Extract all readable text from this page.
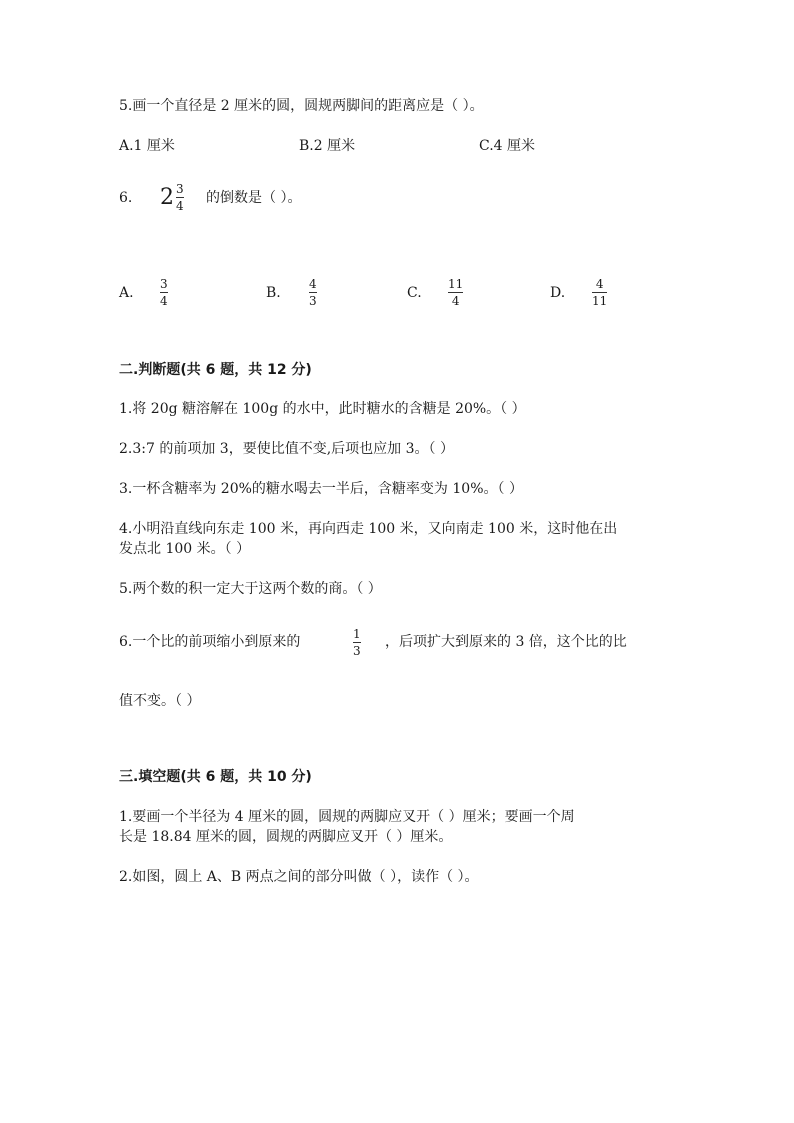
5.画一个直径是 2 厘米的圆，圆规两脚间的距离应是（ ）。
A.1 厘米	B.2 厘米	C.4 厘米
6. $2 \frac{3}{4}$ 的倒数是（ ）。
A.
3
4	B.
4
3	C.
11
4	D.
4
11
二.判断题(共 6 题，共 12 分)
1.将 20g 糖溶解在 100g 的水中，此时糖水的含糖是 20%。（ ）
2.3:7 的前项加 3，要使比值不变,后项也应加 3。（ ）
3.一杯含糖率为 20%的糖水喝去一半后，含糖率变为 10%。（ ）
4.小明沿直线向东走 100 米，再向西走 100 米，又向南走 100 米，这时他在出
发点北 100 米。（ ）
5.两个数的积一定大于这两个数的商。（ ）
6.一个比的前项缩小到原来的	1
3
，后项扩大到原来的 3 倍，这个比的比
值不变。（ ）
三.填空题(共 6 题，共 10 分)
1.要画一个半径为 4 厘米的圆，圆规的两脚应叉开（ ）厘米；要画一个周
长是 18.84 厘米的圆，圆规的两脚应叉开（ ）厘米。
2.如图，圆上 A、B 两点之间的部分叫做（ ），读作（ ）。
